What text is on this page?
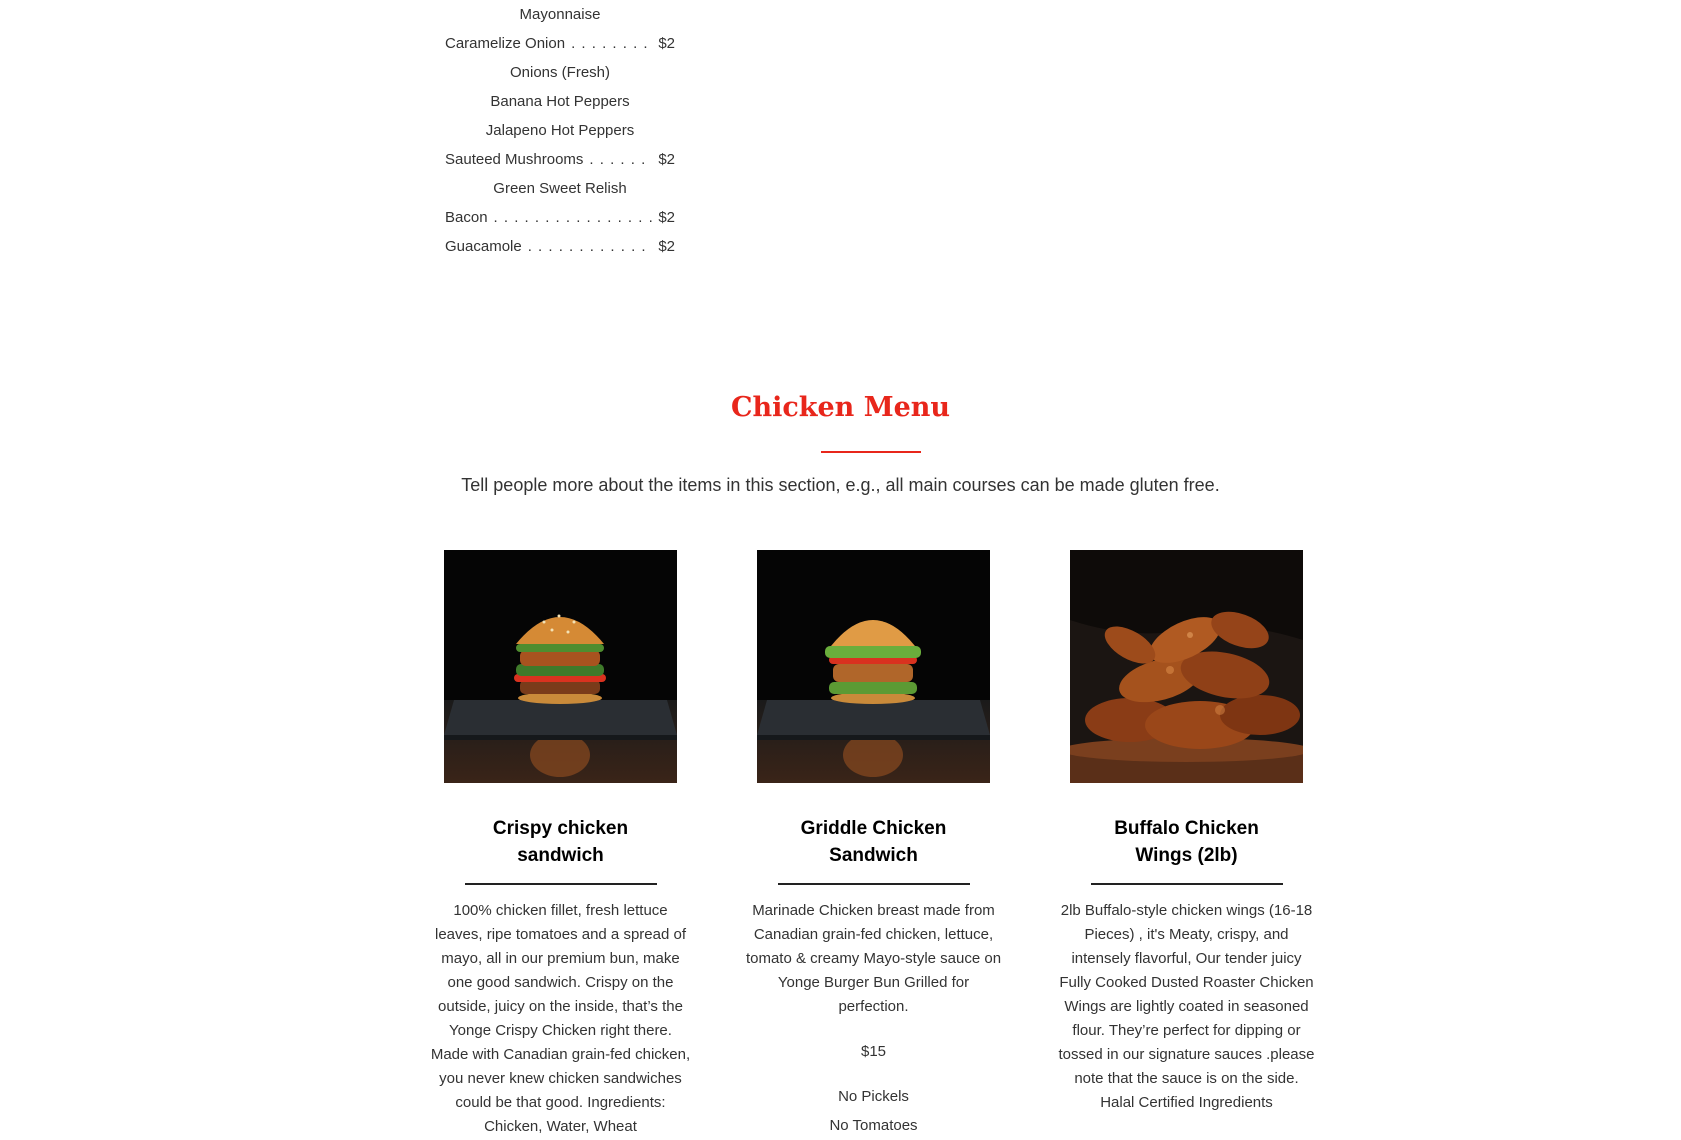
Mayonnaise
Caramelize Onion . . .	$2
Onions (Fresh)
Banana Hot Peppers
Jalapeno Hot Peppers
Sauteed Mushrooms . . .	$2
Green Sweet Relish
Bacon . . .	$2
Guacamole . . .	$2
Chicken Menu
Tell people more about the items in this section, e.g., all main courses can be made gluten free.
Crispy chicken sandwich
100% chicken fillet, fresh lettuce leaves, ripe tomatoes and a spread of mayo, all in our premium bun, make one good sandwich. Crispy on the outside, juicy on the inside, that’s the Yonge Crispy Chicken right there. Made with Canadian grain-fed chicken, you never knew chicken sandwiches could be that good. Ingredients: Chicken, Water, Wheat
Griddle Chicken Sandwich
Marinade Chicken breast made from Canadian grain-fed chicken, lettuce, tomato & creamy Mayo-style sauce on Yonge Burger Bun Grilled for perfection.
$15
No Pickels
No Tomatoes
Buffalo Chicken Wings (2lb)
2lb Buffalo-style chicken wings (16-18 Pieces) , it's Meaty, crispy, and intensely flavorful, Our tender juicy Fully Cooked Dusted Roaster Chicken Wings are lightly coated in seasoned flour. They’re perfect for dipping or tossed in our signature sauces .please note that the sauce is on the side. Halal Certified Ingredients
